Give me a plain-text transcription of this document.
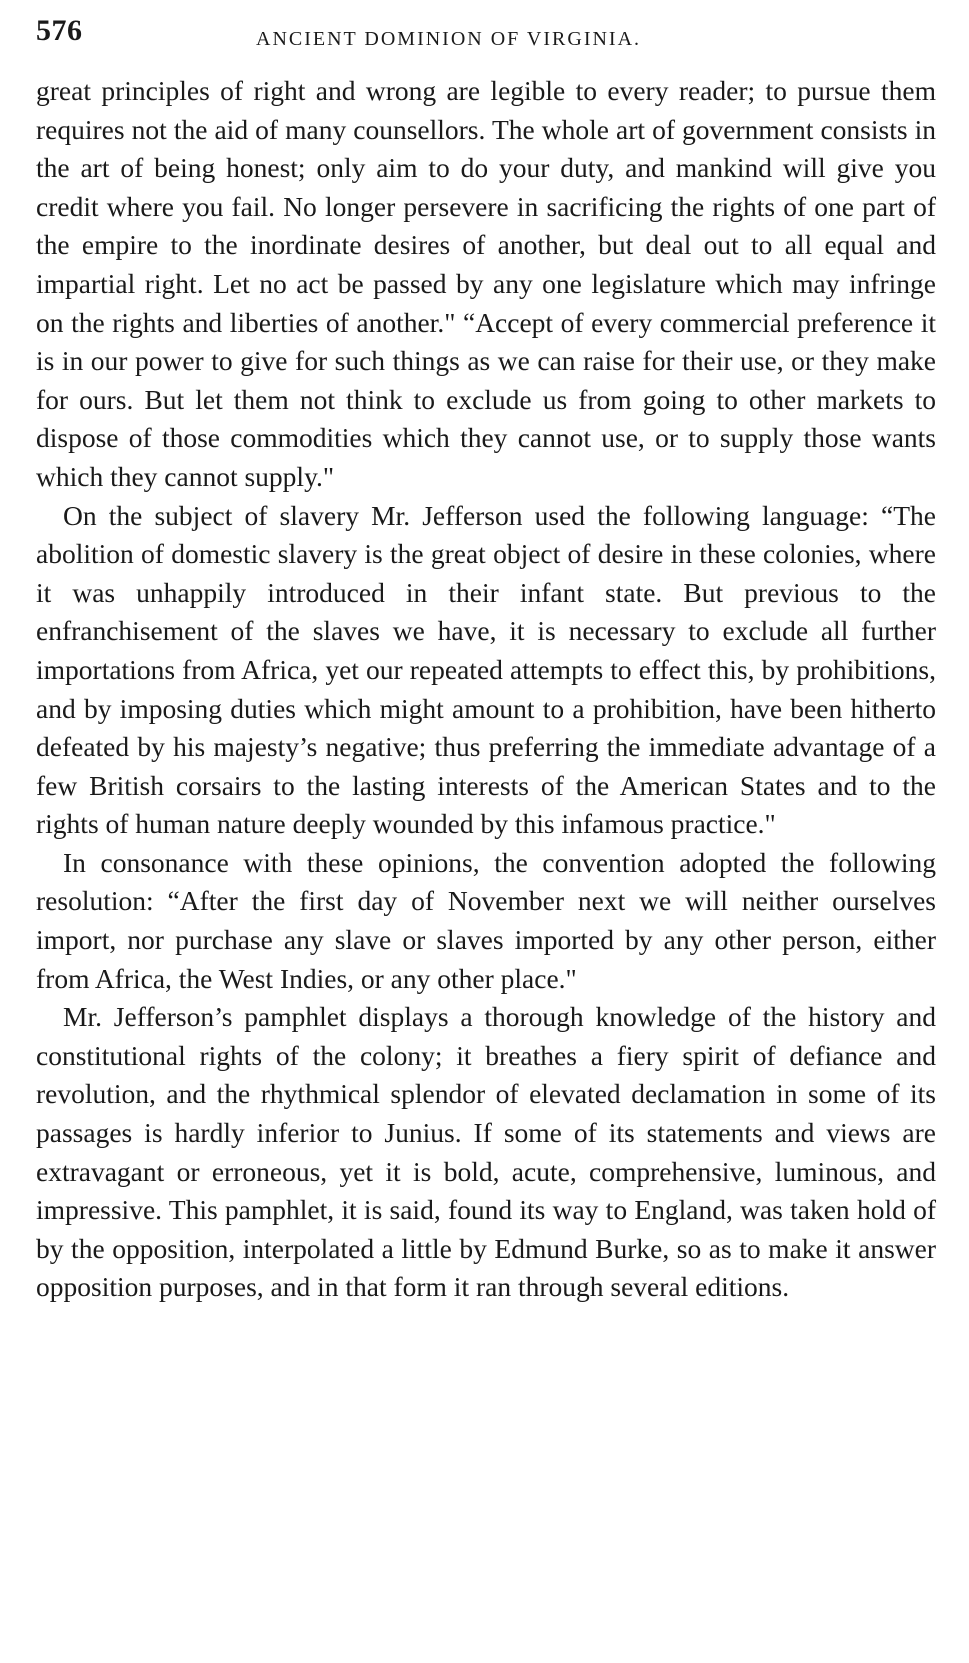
576	ANCIENT DOMINION OF VIRGINIA.

great principles of right and wrong are legible to every reader; to pursue them requires not the aid of many counsellors. The whole art of government consists in the art of being honest; only aim to do your duty, and mankind will give you credit where you fail. No longer persevere in sacrificing the rights of one part of the empire to the inordinate desires of another, but deal out to all equal and impartial right. Let no act be passed by any one legislature which may infringe on the rights and liberties of another." “Accept of every commercial preference it is in our power to give for such things as we can raise for their use, or they make for ours. But let them not think to exclude us from going to other markets to dispose of those commodities which they cannot use, or to supply those wants which they cannot supply."

On the subject of slavery Mr. Jefferson used the following language: “The abolition of domestic slavery is the great object of desire in these colonies, where it was unhappily introduced in their infant state. But previous to the enfranchisement of the slaves we have, it is necessary to exclude all further importations from Africa, yet our repeated attempts to effect this, by prohibitions, and by imposing duties which might amount to a prohibition, have been hitherto defeated by his majesty’s negative; thus preferring the immediate advantage of a few British corsairs to the lasting interests of the American States and to the rights of human nature deeply wounded by this infamous practice."

In consonance with these opinions, the convention adopted the following resolution: “After the first day of November next we will neither ourselves import, nor purchase any slave or slaves imported by any other person, either from Africa, the West Indies, or any other place."

Mr. Jefferson’s pamphlet displays a thorough knowledge of the history and constitutional rights of the colony; it breathes a fiery spirit of defiance and revolution, and the rhythmical splendor of elevated declamation in some of its passages is hardly inferior to Junius. If some of its statements and views are extravagant or erroneous, yet it is bold, acute, comprehensive, luminous, and impressive. This pamphlet, it is said, found its way to England, was taken hold of by the opposition, interpolated a little by Edmund Burke, so as to make it answer opposition purposes, and in that form it ran through several editions.
